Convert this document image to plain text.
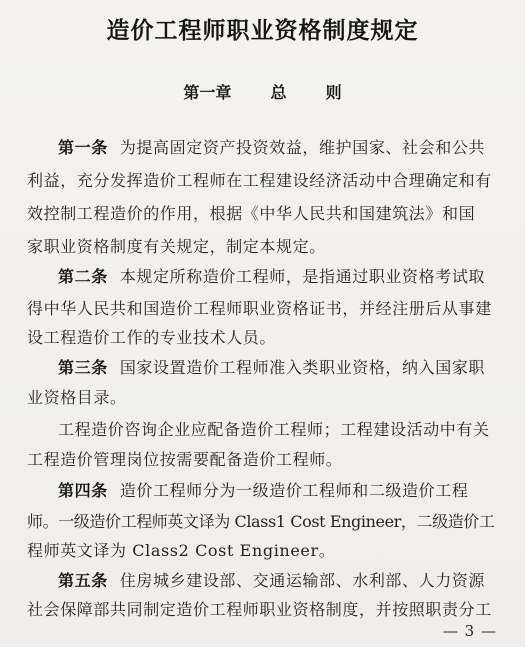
造价工程师职业资格制度规定
第一章 总 则
第一条 为提高固定资产投资效益，维护国家、社会和公共
利益，充分发挥造价工程师在工程建设经济活动中合理确定和有
效控制工程造价的作用，根据《中华人民共和国建筑法》和国
家职业资格制度有关规定，制定本规定。
第二条 本规定所称造价工程师，是指通过职业资格考试取
得中华人民共和国造价工程师职业资格证书，并经注册后从事建
设工程造价工作的专业技术人员。
第三条 国家设置造价工程师准入类职业资格，纳入国家职
业资格目录。
工程造价咨询企业应配备造价工程师；工程建设活动中有关
工程造价管理岗位按需要配备造价工程师。
第四条 造价工程师分为一级造价工程师和二级造价工程
师。一级造价工程师英文译为 Class1 Cost Engineer，二级造价工
程师英文译为 Class2 Cost Engineer。
第五条 住房城乡建设部、交通运输部、水利部、人力资源
社会保障部共同制定造价工程师职业资格制度，并按照职责分工
— 3 —
